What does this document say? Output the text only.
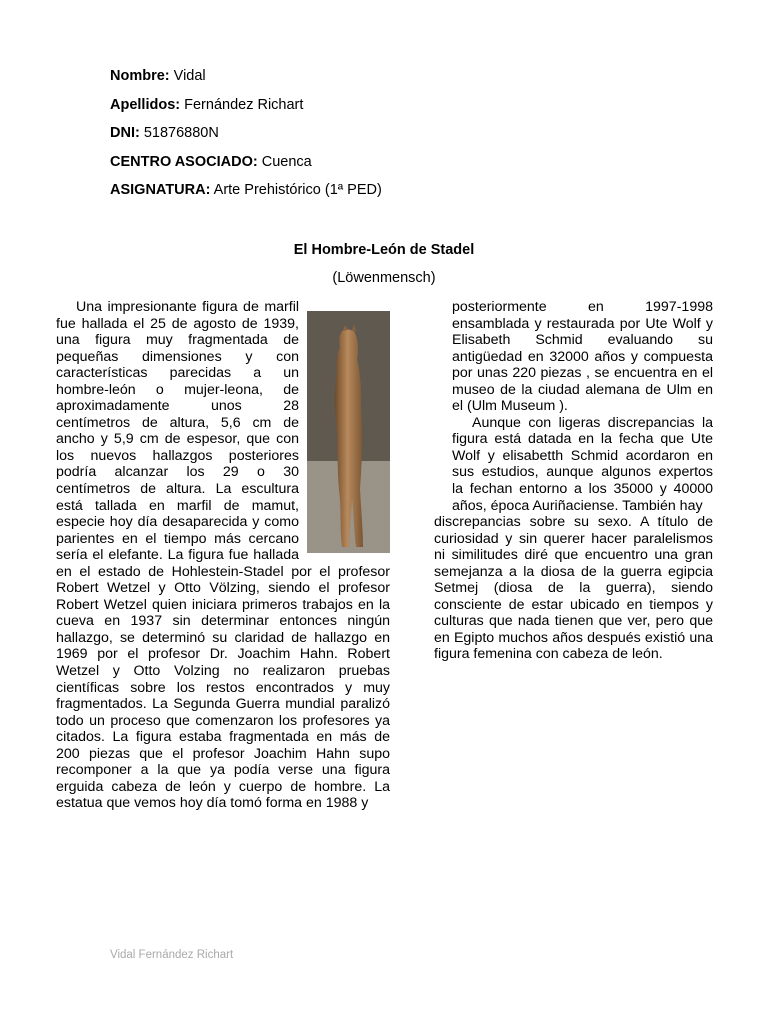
Nombre: Vidal
Apellidos: Fernández Richart
DNI: 51876880N
CENTRO ASOCIADO: Cuenca
ASIGNATURA: Arte Prehistórico (1ª PED)
El Hombre-León de Stadel
(Löwenmensch)

Una impresionante figura de marfil fue hallada el 25 de agosto de 1939, una figura muy fragmentada de pequeñas dimensiones y con características parecidas a un hombre-león o mujer-leona, de aproximadamente unos 28 centímetros de altura, 5,6 cm de ancho y 5,9 cm de espesor, que con los nuevos hallazgos posteriores podría alcanzar los 29 o 30 centímetros de altura. La escultura está tallada en marfil de mamut, especie hoy día desaparecida y como parientes en el tiempo más cercano sería el elefante. La figura fue hallada en el estado de Hohlestein-Stadel por el profesor Robert Wetzel y Otto Völzing, siendo el profesor Robert Wetzel quien iniciara primeros trabajos en la cueva en 1937 sin determinar entonces ningún hallazgo, se determinó su claridad de hallazgo en 1969 por el profesor Dr. Joachim Hahn. Robert Wetzel y Otto Volzing no realizaron pruebas científicas sobre los restos encontrados y muy fragmentados. La Segunda Guerra mundial paralizó todo un proceso que comenzaron los profesores ya citados. La figura estaba fragmentada en más de 200 piezas que el profesor Joachim Hahn supo recomponer a la que ya podía verse una figura erguida cabeza de león y cuerpo de hombre. La estatua que vemos hoy día tomó forma en 1988 y

posteriormente en 1997-1998 ensamblada y restaurada por Ute Wolf y Elisabeth Schmid evaluando su antigüedad en 32000 años y compuesta por unas 220 piezas , se encuentra en el museo de la ciudad alemana de Ulm en el (Ulm Museum ).

Aunque con ligeras discrepancias la figura está datada en la fecha que Ute Wolf y elisabetth Schmid acordaron en sus estudios, aunque algunos expertos la fechan entorno a los 35000 y 40000 años, época Auriñaciense. También hay

discrepancias sobre su sexo. A título de curiosidad y sin querer hacer paralelismos ni similitudes diré que encuentro una gran semejanza a la diosa de la guerra egipcia Setmej (diosa de la guerra), siendo consciente de estar ubicado en tiempos y culturas que nada tienen que ver, pero que en Egipto muchos años después existió una figura femenina con cabeza de león.

Vidal Fernández Richart
